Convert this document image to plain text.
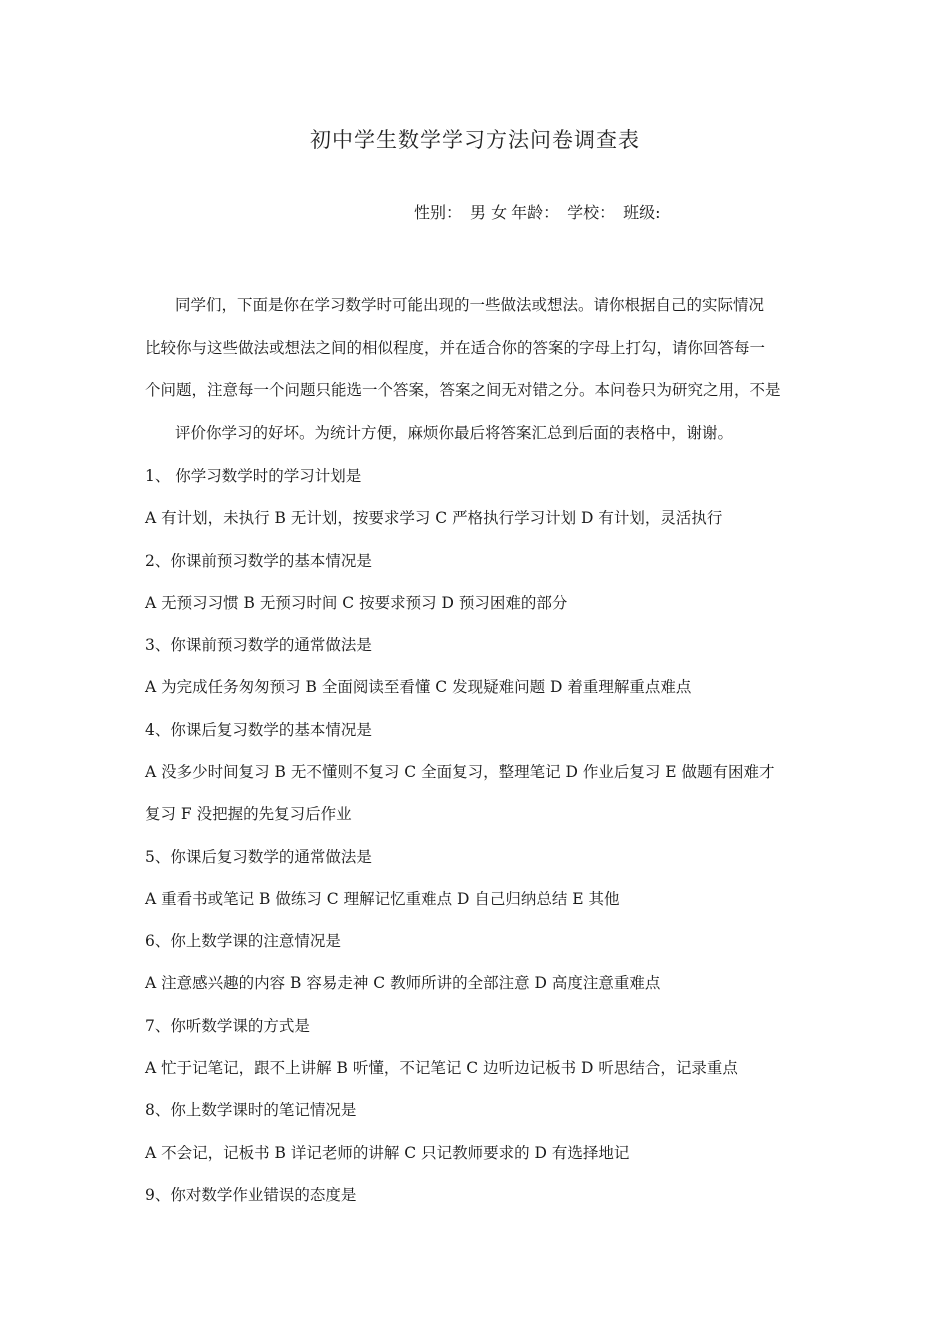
初中学生数学学习方法问卷调查表
性别： 男 女 年龄： 学校： 班级:
同学们，下面是你在学习数学时可能出现的一些做法或想法。请你根据自己的实际情况
比较你与这些做法或想法之间的相似程度，并在适合你的答案的字母上打勾，请你回答每一
个问题，注意每一个问题只能选一个答案，答案之间无对错之分。本问卷只为研究之用，不是
评价你学习的好坏。为统计方便，麻烦你最后将答案汇总到后面的表格中，谢谢。
1、 你学习数学时的学习计划是
A 有计划，未执行 B 无计划，按要求学习 C 严格执行学习计划 D 有计划，灵活执行
2、你课前预习数学的基本情况是
A 无预习习惯 B 无预习时间 C 按要求预习 D 预习困难的部分
3、你课前预习数学的通常做法是
A 为完成任务匆匆预习 B 全面阅读至看懂 C 发现疑难问题 D 着重理解重点难点
4、你课后复习数学的基本情况是
A 没多少时间复习 B 无不懂则不复习 C 全面复习，整理笔记 D 作业后复习 E 做题有困难才
复习 F 没把握的先复习后作业
5、你课后复习数学的通常做法是
A 重看书或笔记 B 做练习 C 理解记忆重难点 D 自己归纳总结 E 其他
6、你上数学课的注意情况是
A 注意感兴趣的内容 B 容易走神 C 教师所讲的全部注意 D 高度注意重难点
7、你听数学课的方式是
A 忙于记笔记，跟不上讲解 B 听懂，不记笔记 C 边听边记板书 D 听思结合，记录重点
8、你上数学课时的笔记情况是
A 不会记，记板书 B 详记老师的讲解 C 只记教师要求的 D 有选择地记
9、你对数学作业错误的态度是
